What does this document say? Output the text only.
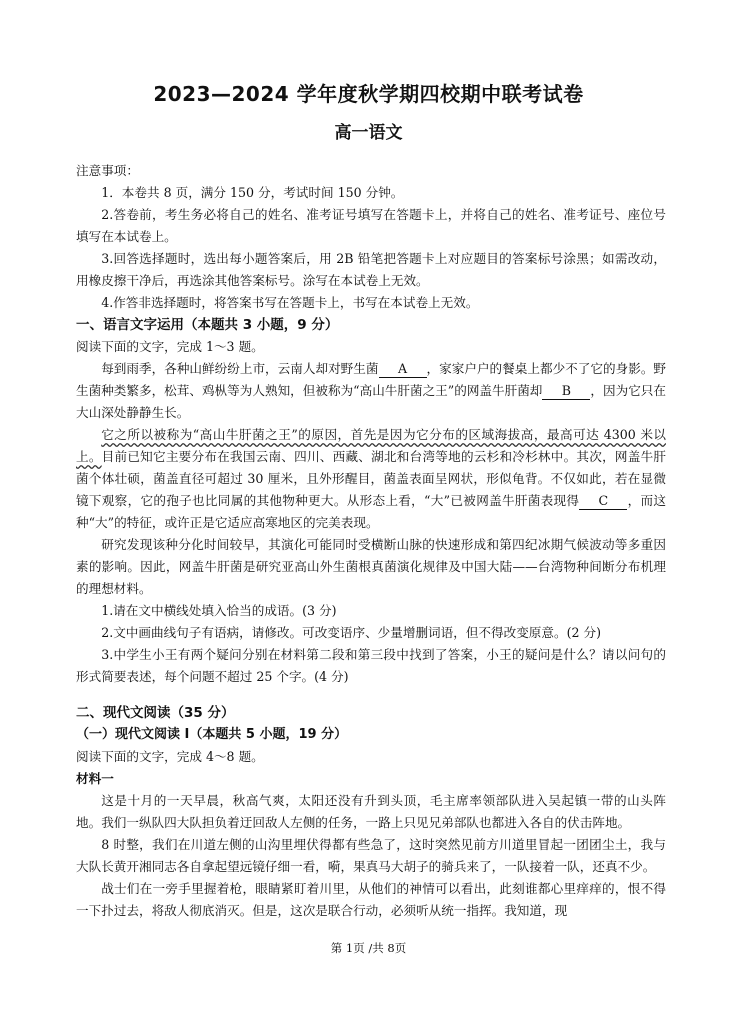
2023—2024 学年度秋学期四校期中联考试卷
高一语文

注意事项：

1．本卷共 8 页，满分 150 分，考试时间 150 分钟。

2.答卷前，考生务必将自己的姓名、准考证号填写在答题卡上，并将自己的姓名、准考证号、座位号填写在本试卷上。

3.回答选择题时，选出每小题答案后，用 2B 铅笔把答题卡上对应题目的答案标号涂黑；如需改动，用橡皮擦干净后，再选涂其他答案标号。涂写在本试卷上无效。

4.作答非选择题时，将答案书写在答题卡上，书写在本试卷上无效。

一、语言文字运用（本题共 3 小题，9 分）

阅读下面的文字，完成 1～3 题。

每到雨季，各种山鲜纷纷上市，云南人却对野生菌 A ，家家户户的餐桌上都少不了它的身影。野生菌种类繁多，松茸、鸡枞等为人熟知，但被称为“高山牛肝菌之王”的网盖牛肝菌却 B ，因为它只在大山深处静静生长。

它之所以被称为“高山牛肝菌之王”的原因，首先是因为它分布的区域海拔高，最高可达 4300 米以上。目前已知它主要分布在我国云南、四川、西藏、湖北和台湾等地的云杉和冷杉林中。其次，网盖牛肝菌个体壮硕，菌盖直径可超过 30 厘米，且外形醒目，菌盖表面呈网状，形似龟背。不仅如此，若在显微镜下观察，它的孢子也比同属的其他物种更大。从形态上看，“大”已被网盖牛肝菌表现得 C ，而这种“大”的特征，或许正是它适应高寒地区的完美表现。

研究发现该种分化时间较早，其演化可能同时受横断山脉的快速形成和第四纪冰期气候波动等多重因素的影响。因此，网盖牛肝菌是研究亚高山外生菌根真菌演化规律及中国大陆——台湾物种间断分布机理的理想材料。

1.请在文中横线处填入恰当的成语。(3 分)

2.文中画曲线句子有语病，请修改。可改变语序、少量增删词语，但不得改变原意。(2 分)

3.中学生小王有两个疑问分别在材料第二段和第三段中找到了答案，小王的疑问是什么？请以问句的形式简要表述，每个问题不超过 25 个字。(4 分)

二、现代文阅读（35 分）

（一）现代文阅读 I（本题共 5 小题，19 分）

阅读下面的文字，完成 4～8 题。

材料一

这是十月的一天早晨，秋高气爽，太阳还没有升到头顶，毛主席率领部队进入吴起镇一带的山头阵地。我们一纵队四大队担负着迂回敌人左侧的任务，一路上只见兄弟部队也都进入各自的伏击阵地。

8 时整，我们在川道左侧的山沟里埋伏得都有些急了，这时突然见前方川道里冒起一团团尘土，我与大队长黄开湘同志各自拿起望远镜仔细一看，嗬，果真马大胡子的骑兵来了，一队接着一队，还真不少。

战士们在一旁手里握着枪，眼睛紧盯着川里，从他们的神情可以看出，此刻谁都心里痒痒的，恨不得一下扑过去，将敌人彻底消灭。但是，这次是联合行动，必须听从统一指挥。我知道，现

第 1页 /共 8页
